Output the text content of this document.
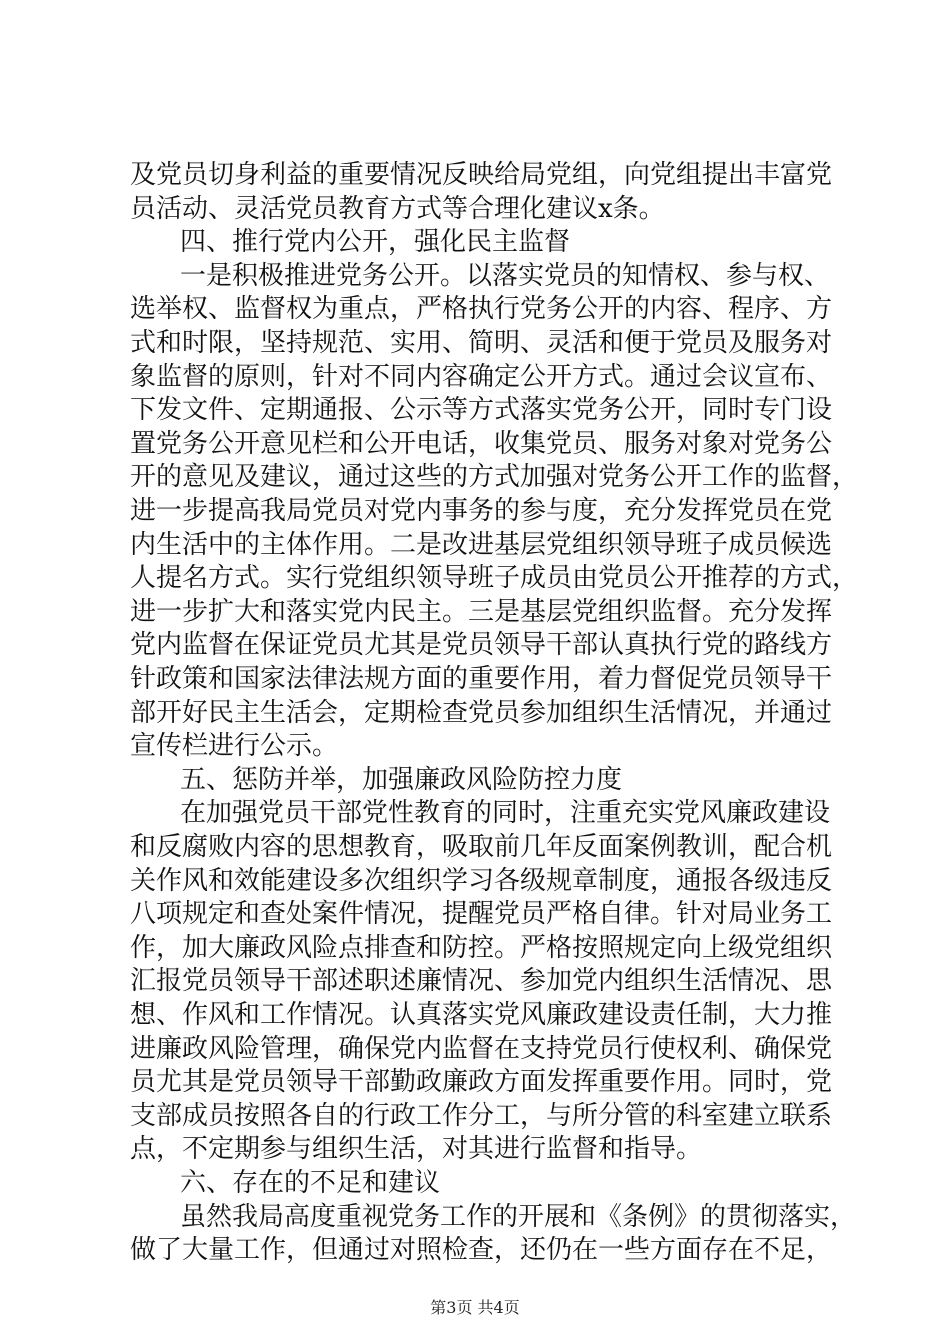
及党员切身利益的重要情况反映给局党组，向党组提出丰富党
员活动、灵活党员教育方式等合理化建议x条。
四、推行党内公开，强化民主监督
一是积极推进党务公开。以落实党员的知情权、参与权、
选举权、监督权为重点，严格执行党务公开的内容、程序、方
式和时限，坚持规范、实用、简明、灵活和便于党员及服务对
象监督的原则，针对不同内容确定公开方式。通过会议宣布、
下发文件、定期通报、公示等方式落实党务公开，同时专门设
置党务公开意见栏和公开电话，收集党员、服务对象对党务公
开的意见及建议，通过这些的方式加强对党务公开工作的监督，
进一步提高我局党员对党内事务的参与度，充分发挥党员在党
内生活中的主体作用。二是改进基层党组织领导班子成员候选
人提名方式。实行党组织领导班子成员由党员公开推荐的方式，
进一步扩大和落实党内民主。三是基层党组织监督。充分发挥
党内监督在保证党员尤其是党员领导干部认真执行党的路线方
针政策和国家法律法规方面的重要作用，着力督促党员领导干
部开好民主生活会，定期检查党员参加组织生活情况，并通过
宣传栏进行公示。
五、惩防并举，加强廉政风险防控力度
在加强党员干部党性教育的同时，注重充实党风廉政建设
和反腐败内容的思想教育，吸取前几年反面案例教训，配合机
关作风和效能建设多次组织学习各级规章制度，通报各级违反
八项规定和查处案件情况，提醒党员严格自律。针对局业务工
作，加大廉政风险点排查和防控。严格按照规定向上级党组织
汇报党员领导干部述职述廉情况、参加党内组织生活情况、思
想、作风和工作情况。认真落实党风廉政建设责任制，大力推
进廉政风险管理，确保党内监督在支持党员行使权利、确保党
员尤其是党员领导干部勤政廉政方面发挥重要作用。同时，党
支部成员按照各自的行政工作分工，与所分管的科室建立联系
点，不定期参与组织生活，对其进行监督和指导。
六、存在的不足和建议
虽然我局高度重视党务工作的开展和《条例》的贯彻落实，
做了大量工作，但通过对照检查，还仍在一些方面存在不足，
第3页 共4页
